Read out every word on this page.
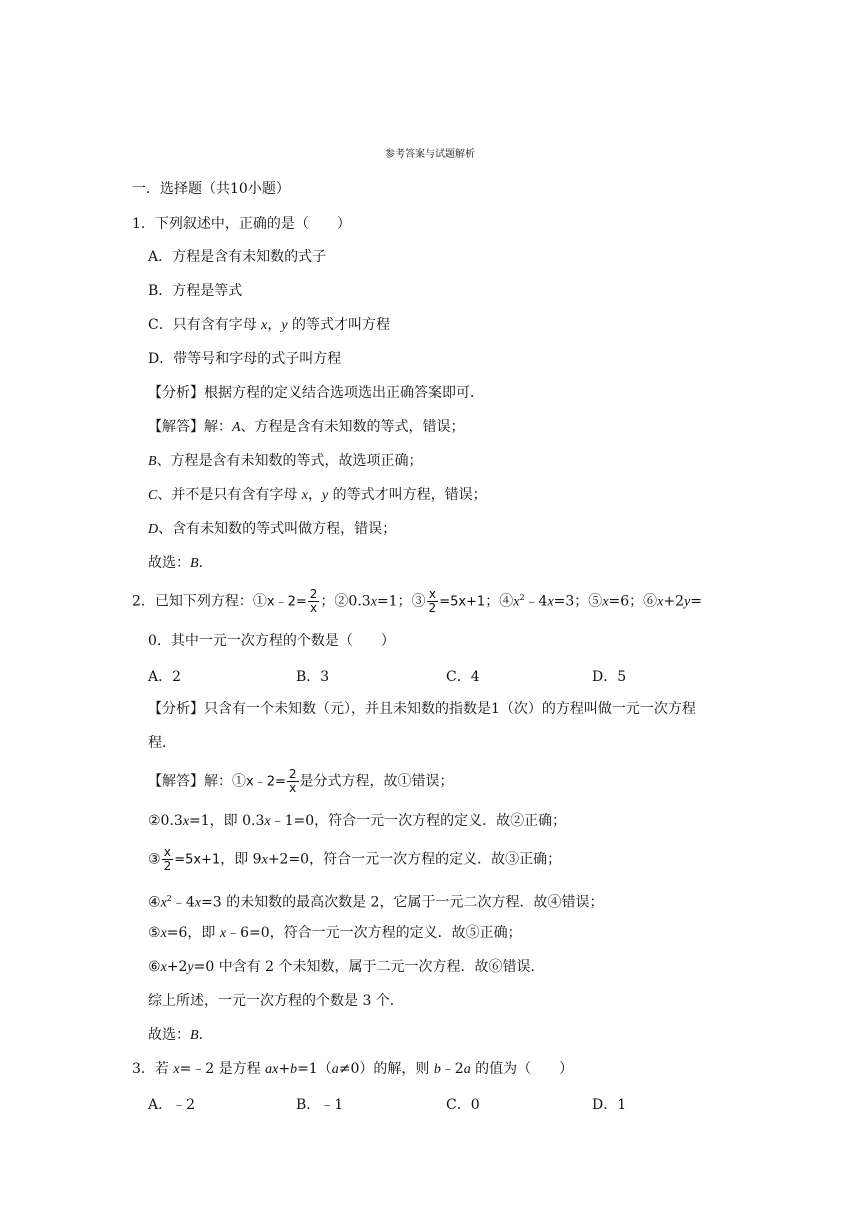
参考答案与试题解析
一．选择题（共10小题）
1．下列叙述中，正确的是（　　）
A．方程是含有未知数的式子
B．方程是等式
C．只有含有字母 x，y 的等式才叫方程
D．带等号和字母的式子叫方程
【分析】根据方程的定义结合选项选出正确答案即可．
【解答】解：A、方程是含有未知数的等式，错误；
B、方程是含有未知数的等式，故选项正确；
C、并不是只有含有字母 x，y 的等式才叫方程，错误；
D、含有未知数的等式叫做方程，错误；
故选：B．
2．已知下列方程：①x﹣2= $\frac{2}{x}$ ；②0.3x=1；③ $\frac{x}{2} =5x+1$；$④x^2﹣4x=3$；⑤x=6；⑥x+2y=
0．其中一元一次方程的个数是（　　）
A．2	B．3	C．4	D．5
【分析】只含有一个未知数（元），并且未知数的指数是1（次）的方程叫做一元一次方程
程．
【解答】解：①x﹣2= $\frac{2}{x}$ 是分式方程，故①错误；
②0.3x=1，即 0.3x﹣1=0，符合一元一次方程的定义．故②正确；
③ $\frac{x}{2} =5x+1$，即 9x+2=0，符合一元一次方程的定义．故③正确；
$④x^2﹣4x=3$ 的未知数的最高次数是 2，它属于一元二次方程．故④错误；
⑤x=6，即 x﹣6=0，符合一元一次方程的定义．故⑤正确；
⑥x+2y=0 中含有 2 个未知数，属于二元一次方程．故⑥错误．
综上所述，一元一次方程的个数是 3 个．
故选：B．
3．若 x=﹣2 是方程 ax+b=1（a≠0）的解，则 b﹣2a 的值为（　　）
A．﹣2	B．﹣1	C．0	D．1
